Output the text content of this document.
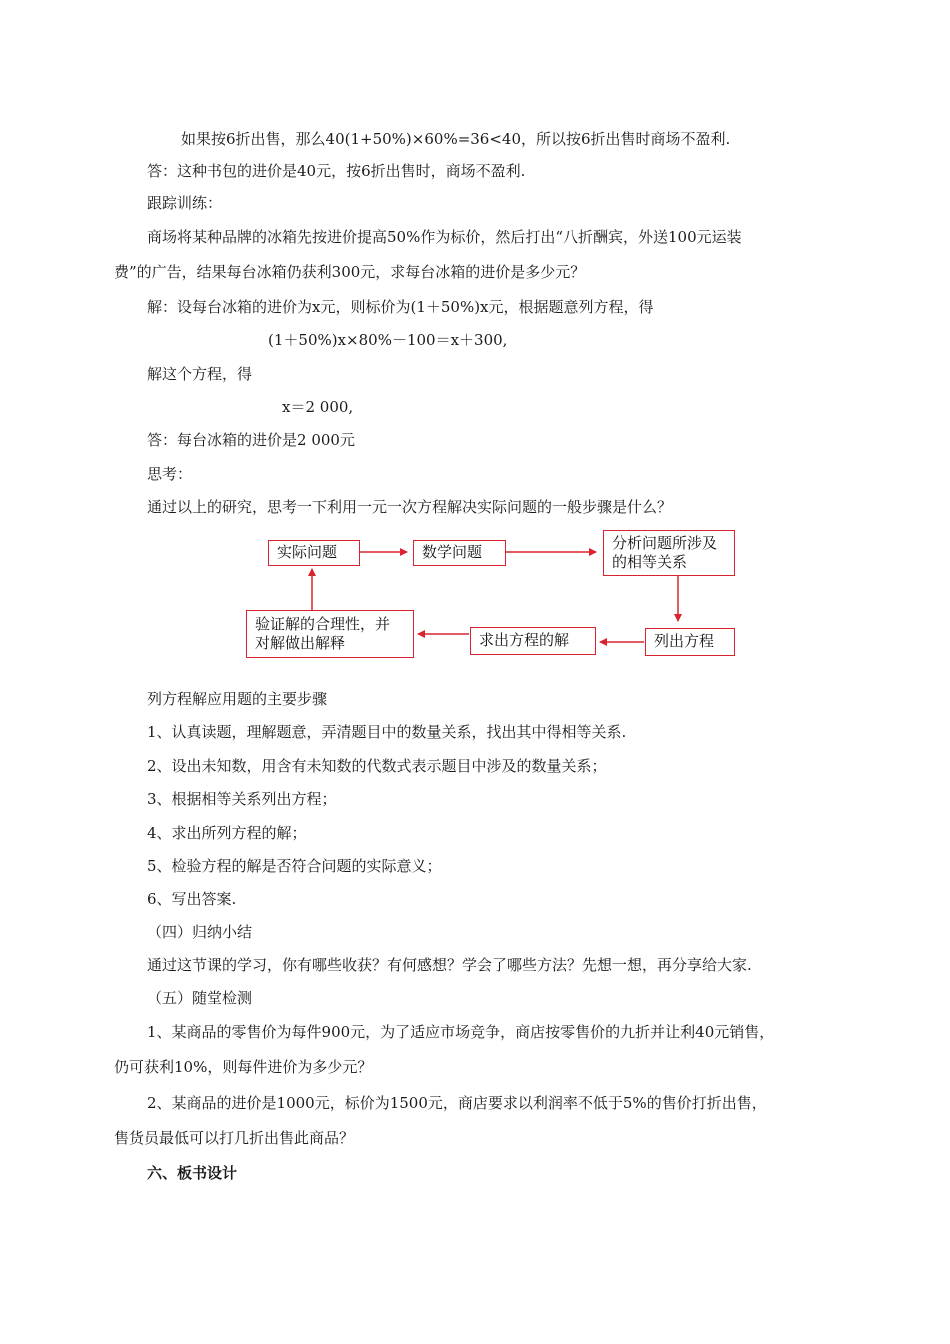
如果按6折出售，那么40(1+50%)×60%=36<40，所以按6折出售时商场不盈利.

答：这种书包的进价是40元，按6折出售时，商场不盈利.

跟踪训练：

商场将某种品牌的冰箱先按进价提高50%作为标价，然后打出“八折酬宾，外送100元运装

费”的广告，结果每台冰箱仍获利300元，求每台冰箱的进价是多少元？

解：设每台冰箱的进价为x元，则标价为(1＋50%)x元，根据题意列方程，得

(1＋50%)x×80%－100＝x＋300,

解这个方程，得

x＝2 000,

答：每台冰箱的进价是2 000元

思考：

通过以上的研究，思考一下利用一元一次方程解决实际问题的一般步骤是什么？

实际问题	数学问题	分析问题所涉及
的相等关系
列出方程
求出方程的解
验证解的合理性，并
对解做出解释

列方程解应用题的主要步骤

1、认真读题，理解题意，弄清题目中的数量关系，找出其中得相等关系.

2、设出未知数，用含有未知数的代数式表示题目中涉及的数量关系；

3、根据相等关系列出方程；

4、求出所列方程的解；

5、检验方程的解是否符合问题的实际意义；

6、写出答案.

（四）归纳小结

通过这节课的学习，你有哪些收获？有何感想？学会了哪些方法？先想一想，再分享给大家.

（五）随堂检测

1、某商品的零售价为每件900元，为了适应市场竞争，商店按零售价的九折并让利40元销售，

仍可获利10%，则每件进价为多少元？

2、某商品的进价是1000元，标价为1500元，商店要求以利润率不低于5%的售价打折出售，

售货员最低可以打几折出售此商品？

六、板书设计
